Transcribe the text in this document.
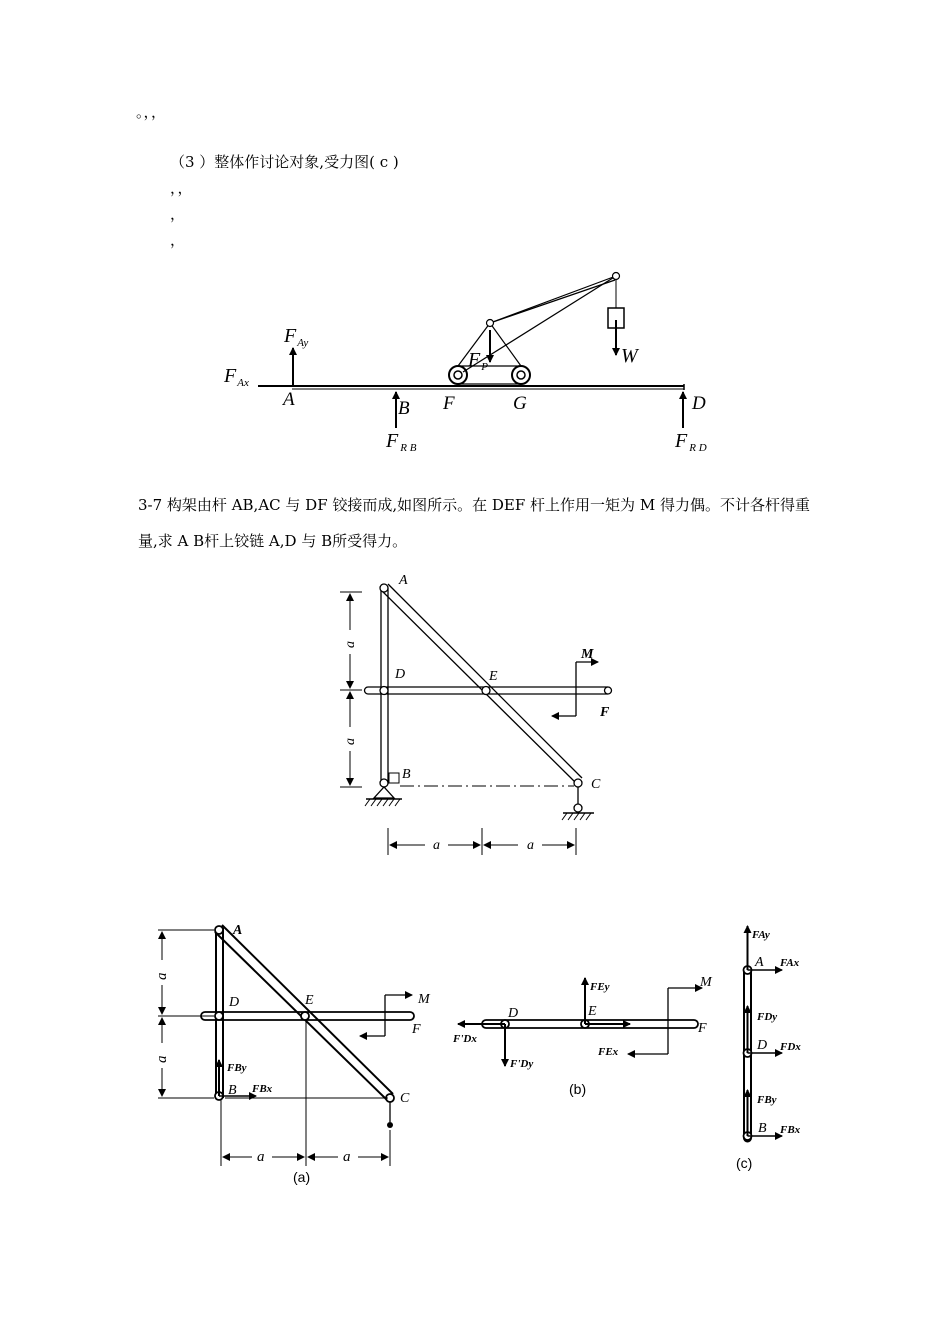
。，，
（3 ）整体作讨论对象,受力图( c )
，，
，
，
$F_{Ay}$
$F_{Ax}$
$F_P$	W
A	B F	G	D
F $_{R B}$	F $_{R D}$
3-7 构架由杆 AB,AC 与 DF 铰接而成,如图所示。在 DEF 杆上作用一矩为 M 得力偶。不计各杆得重量,求 A B杆上铰链 A,D 与 B所受得力。
A
D	E
B
C
M
F
a
a
a	a
A
D	E	M
F
FBy
B FBx
C
a
a
a	a
(a)
FEy
D	E
M
F
F'Dx
F'Dy
FEx
(b)
FAy
A FAx
FDy
D FDx
FBy
B FBx
(c)
